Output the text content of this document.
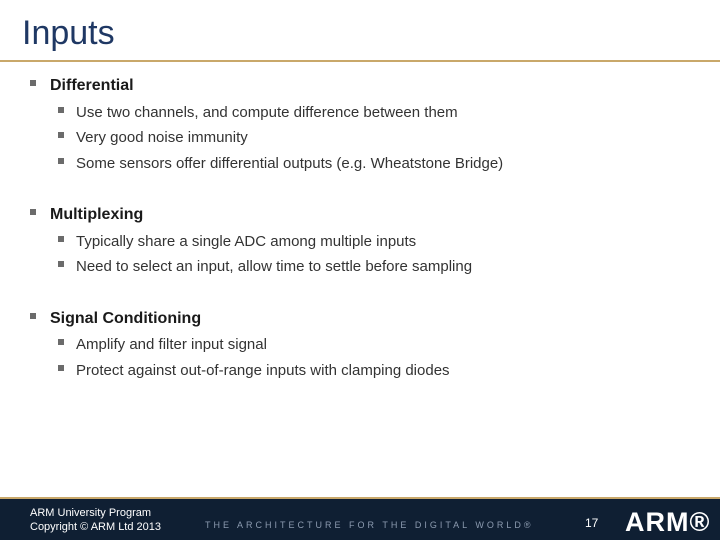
Inputs
Differential
Use two channels, and compute difference between them
Very good noise immunity
Some sensors offer differential outputs (e.g. Wheatstone Bridge)
Multiplexing
Typically share a single ADC among multiple inputs
Need to select an input, allow time to settle before sampling
Signal Conditioning
Amplify and filter input signal
Protect against out-of-range inputs with clamping diodes
ARM University Program
Copyright © ARM Ltd 2013	THE ARCHITECTURE FOR THE DIGITAL WORLD®	17 ARM®
